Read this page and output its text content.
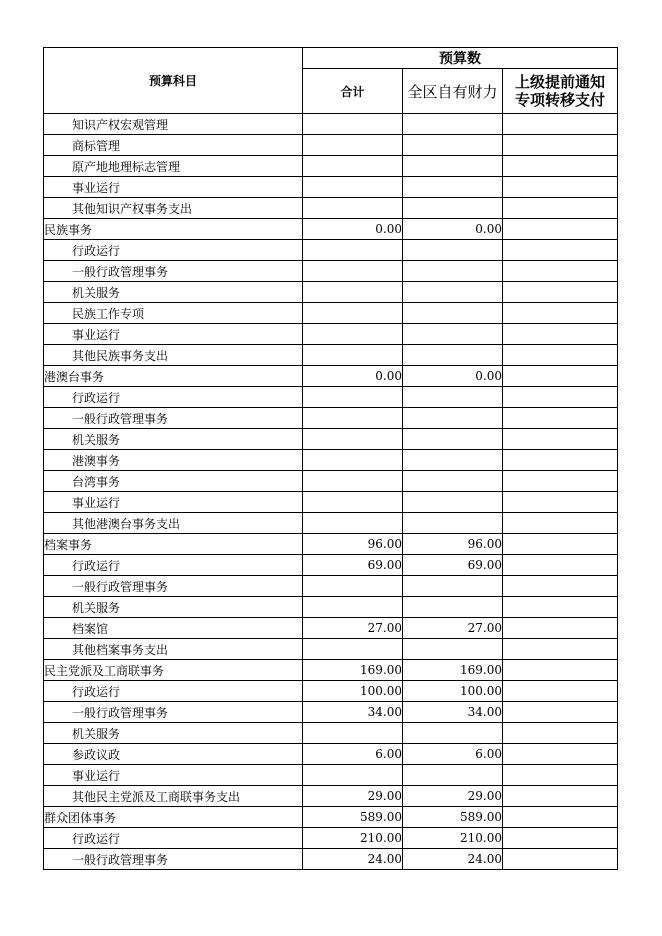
预算科目	预算数		
	合计	全区自有财力	上级提前通知
专项转移支付
知识产权宏观管理			
商标管理			
原产地地理标志管理			
事业运行			
其他知识产权事务支出			
民族事务	0.00	0.00	
行政运行			
一般行政管理事务			
机关服务			
民族工作专项			
事业运行			
其他民族事务支出			
港澳台事务	0.00	0.00	
行政运行			
一般行政管理事务			
机关服务			
港澳事务			
台湾事务			
事业运行			
其他港澳台事务支出			
档案事务	96.00	96.00	
行政运行	69.00	69.00	
一般行政管理事务			
机关服务			
档案馆	27.00	27.00	
其他档案事务支出			
民主党派及工商联事务	169.00	169.00	
行政运行	100.00	100.00	
一般行政管理事务	34.00	34.00	
机关服务			
参政议政	6.00	6.00	
事业运行			
其他民主党派及工商联事务支出	29.00	29.00	
群众团体事务	589.00	589.00	
行政运行	210.00	210.00	
一般行政管理事务	24.00	24.00	
